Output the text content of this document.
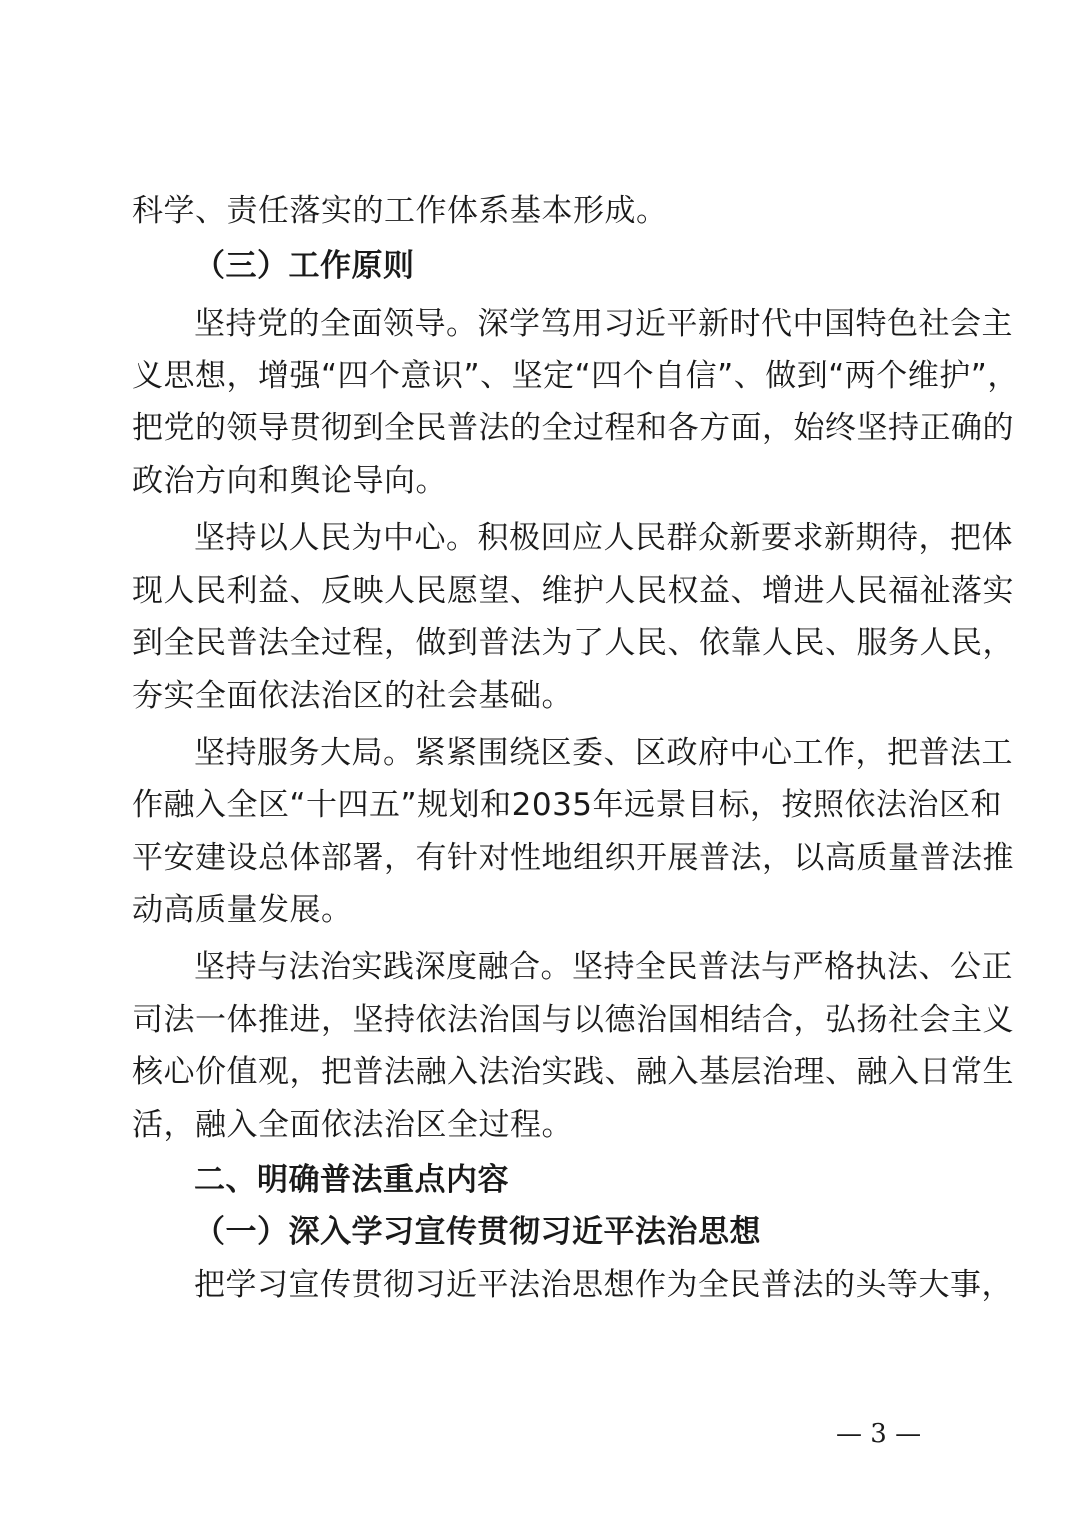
科学、责任落实的工作体系基本形成。
（三）工作原则
坚持党的全面领导。深学笃用习近平新时代中国特色社会主
义思想，增强“四个意识”、坚定“四个自信”、做到“两个维护”，
把党的领导贯彻到全民普法的全过程和各方面，始终坚持正确的
政治方向和舆论导向。
坚持以人民为中心。积极回应人民群众新要求新期待，把体
现人民利益、反映人民愿望、维护人民权益、增进人民福祉落实
到全民普法全过程，做到普法为了人民、依靠人民、服务人民，
夯实全面依法治区的社会基础。
坚持服务大局。紧紧围绕区委、区政府中心工作，把普法工
作融入全区“十四五”规划和2035年远景目标，按照依法治区和
平安建设总体部署，有针对性地组织开展普法，以高质量普法推
动高质量发展。
坚持与法治实践深度融合。坚持全民普法与严格执法、公正
司法一体推进，坚持依法治国与以德治国相结合，弘扬社会主义
核心价值观，把普法融入法治实践、融入基层治理、融入日常生
活，融入全面依法治区全过程。
二、明确普法重点内容
（一）深入学习宣传贯彻习近平法治思想
把学习宣传贯彻习近平法治思想作为全民普法的头等大事，
— 3 —
